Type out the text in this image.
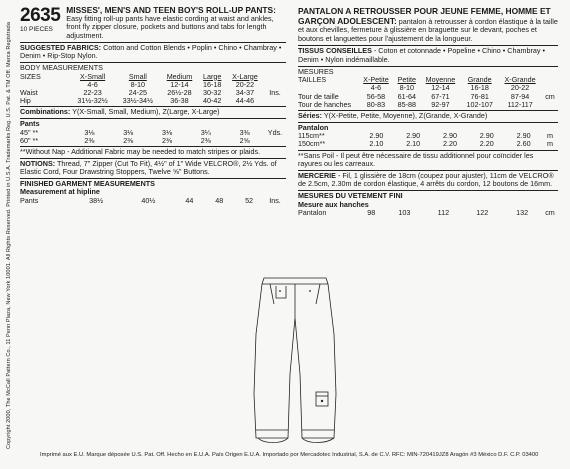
Copyright 2000, The McCall Pattern Co., 11 Penn Plaza, New York 10001. All Rights Reserved. Printed in U.S.A. Trademarks Reg. U.S. Pat. & TM Off. Marca Registrada
2635
10 PIECES
MISSES', MEN'S AND TEEN BOY'S ROLL-UP PANTS: Easy fitting roll-up pants have elastic cording at waist and ankles, front fly zipper closure, pockets and buttons and tabs for length adjustment.
SUGGESTED FABRICS: Cotton and Cotton Blends • Poplin • Chino • Chambray • Denim • Rip-Stop Nylon.
BODY MEASUREMENTS
SIZES	X-Small	Small	Medium	Large	X-Large	
	4-6	8-10	12-14	16-18	20-22	
Waist	22-23	24-25	26½-28	30-32	34-37	Ins.
Hip	31½-32½	33½-34½	36-38	40-42	44-46	
Combinations: Y(X-Small, Small, Medium), Z(Large, X-Large)
Pants
45" **	3⅛	3⅛	3⅛	3¼	3⅜	Yds.
60" **	2⅜	2⅜	2⅜	2⅜	2⅝	
**Without Nap - Additional Fabric may be needed to match stripes or plaids.
NOTIONS: Thread, 7" Zipper (Cut To Fit), 4½" of 1" Wide VELCRO®, 2½ Yds. of Elastic Cord, Four Drawstring Stoppers, Twelve ⅝" Buttons.
FINISHED GARMENT MEASUREMENTS
Measurement at hipline
Pants	38½	40½	44	48	52	Ins.
PANTALON A RETROUSSER POUR JEUNE FEMME, HOMME ET GARÇON ADOLESCENT: pantalon à retrousser à cordon élastique à la taille et aux chevilles, fermeture à glissière en braguette sur le devant, poches et boutons et languettes pour l'ajustement de la longueur.
TISSUS CONSEILLES - Coton et cotonnade • Popeline • Chino • Chambray • Denim • Nylon indémaillable.
MESURES
TAILLES	X-Petite	Petite	Moyenne	Grande	X-Grande	
	4-6	8-10	12-14	16-18	20-22	
Tour de taille	56-58	61-64	67-71	76-81	87-94	cm
Tour de hanches	80-83	85-88	92-97	102-107	112-117	
Séries: Y(X-Petite, Petite, Moyenne), Z(Grande, X-Grande)
Pantalon
115cm**	2.90	2.90	2.90	2.90	2.90	m
150cm**	2.10	2.10	2.20	2.20	2.60	m
**Sans Poil - Il peut être nécessaire de tissu additionnel pour coïncider les rayures ou les carreaux.
MERCERIE - Fil, 1 glissière de 18cm (coupez pour ajuster), 11cm de VELCRO® de 2.5cm, 2.30m de cordon élastique, 4 arrêts du cordon, 12 boutons de 16mm.
MESURES DU VETEMENT FINI
Mesure aux hanches
Pantalon	98	103	112	122	132	cm
Imprimé aux E.U. Marque déposée U.S. Pat. Off. Hecho en E.U.A. País Origen E.U.A. Importado por Mercadotec Industrial, S.A. de C.V. RFC: MIN-720419JZ8 Aragón #3 México D.F. C.P. 03400
